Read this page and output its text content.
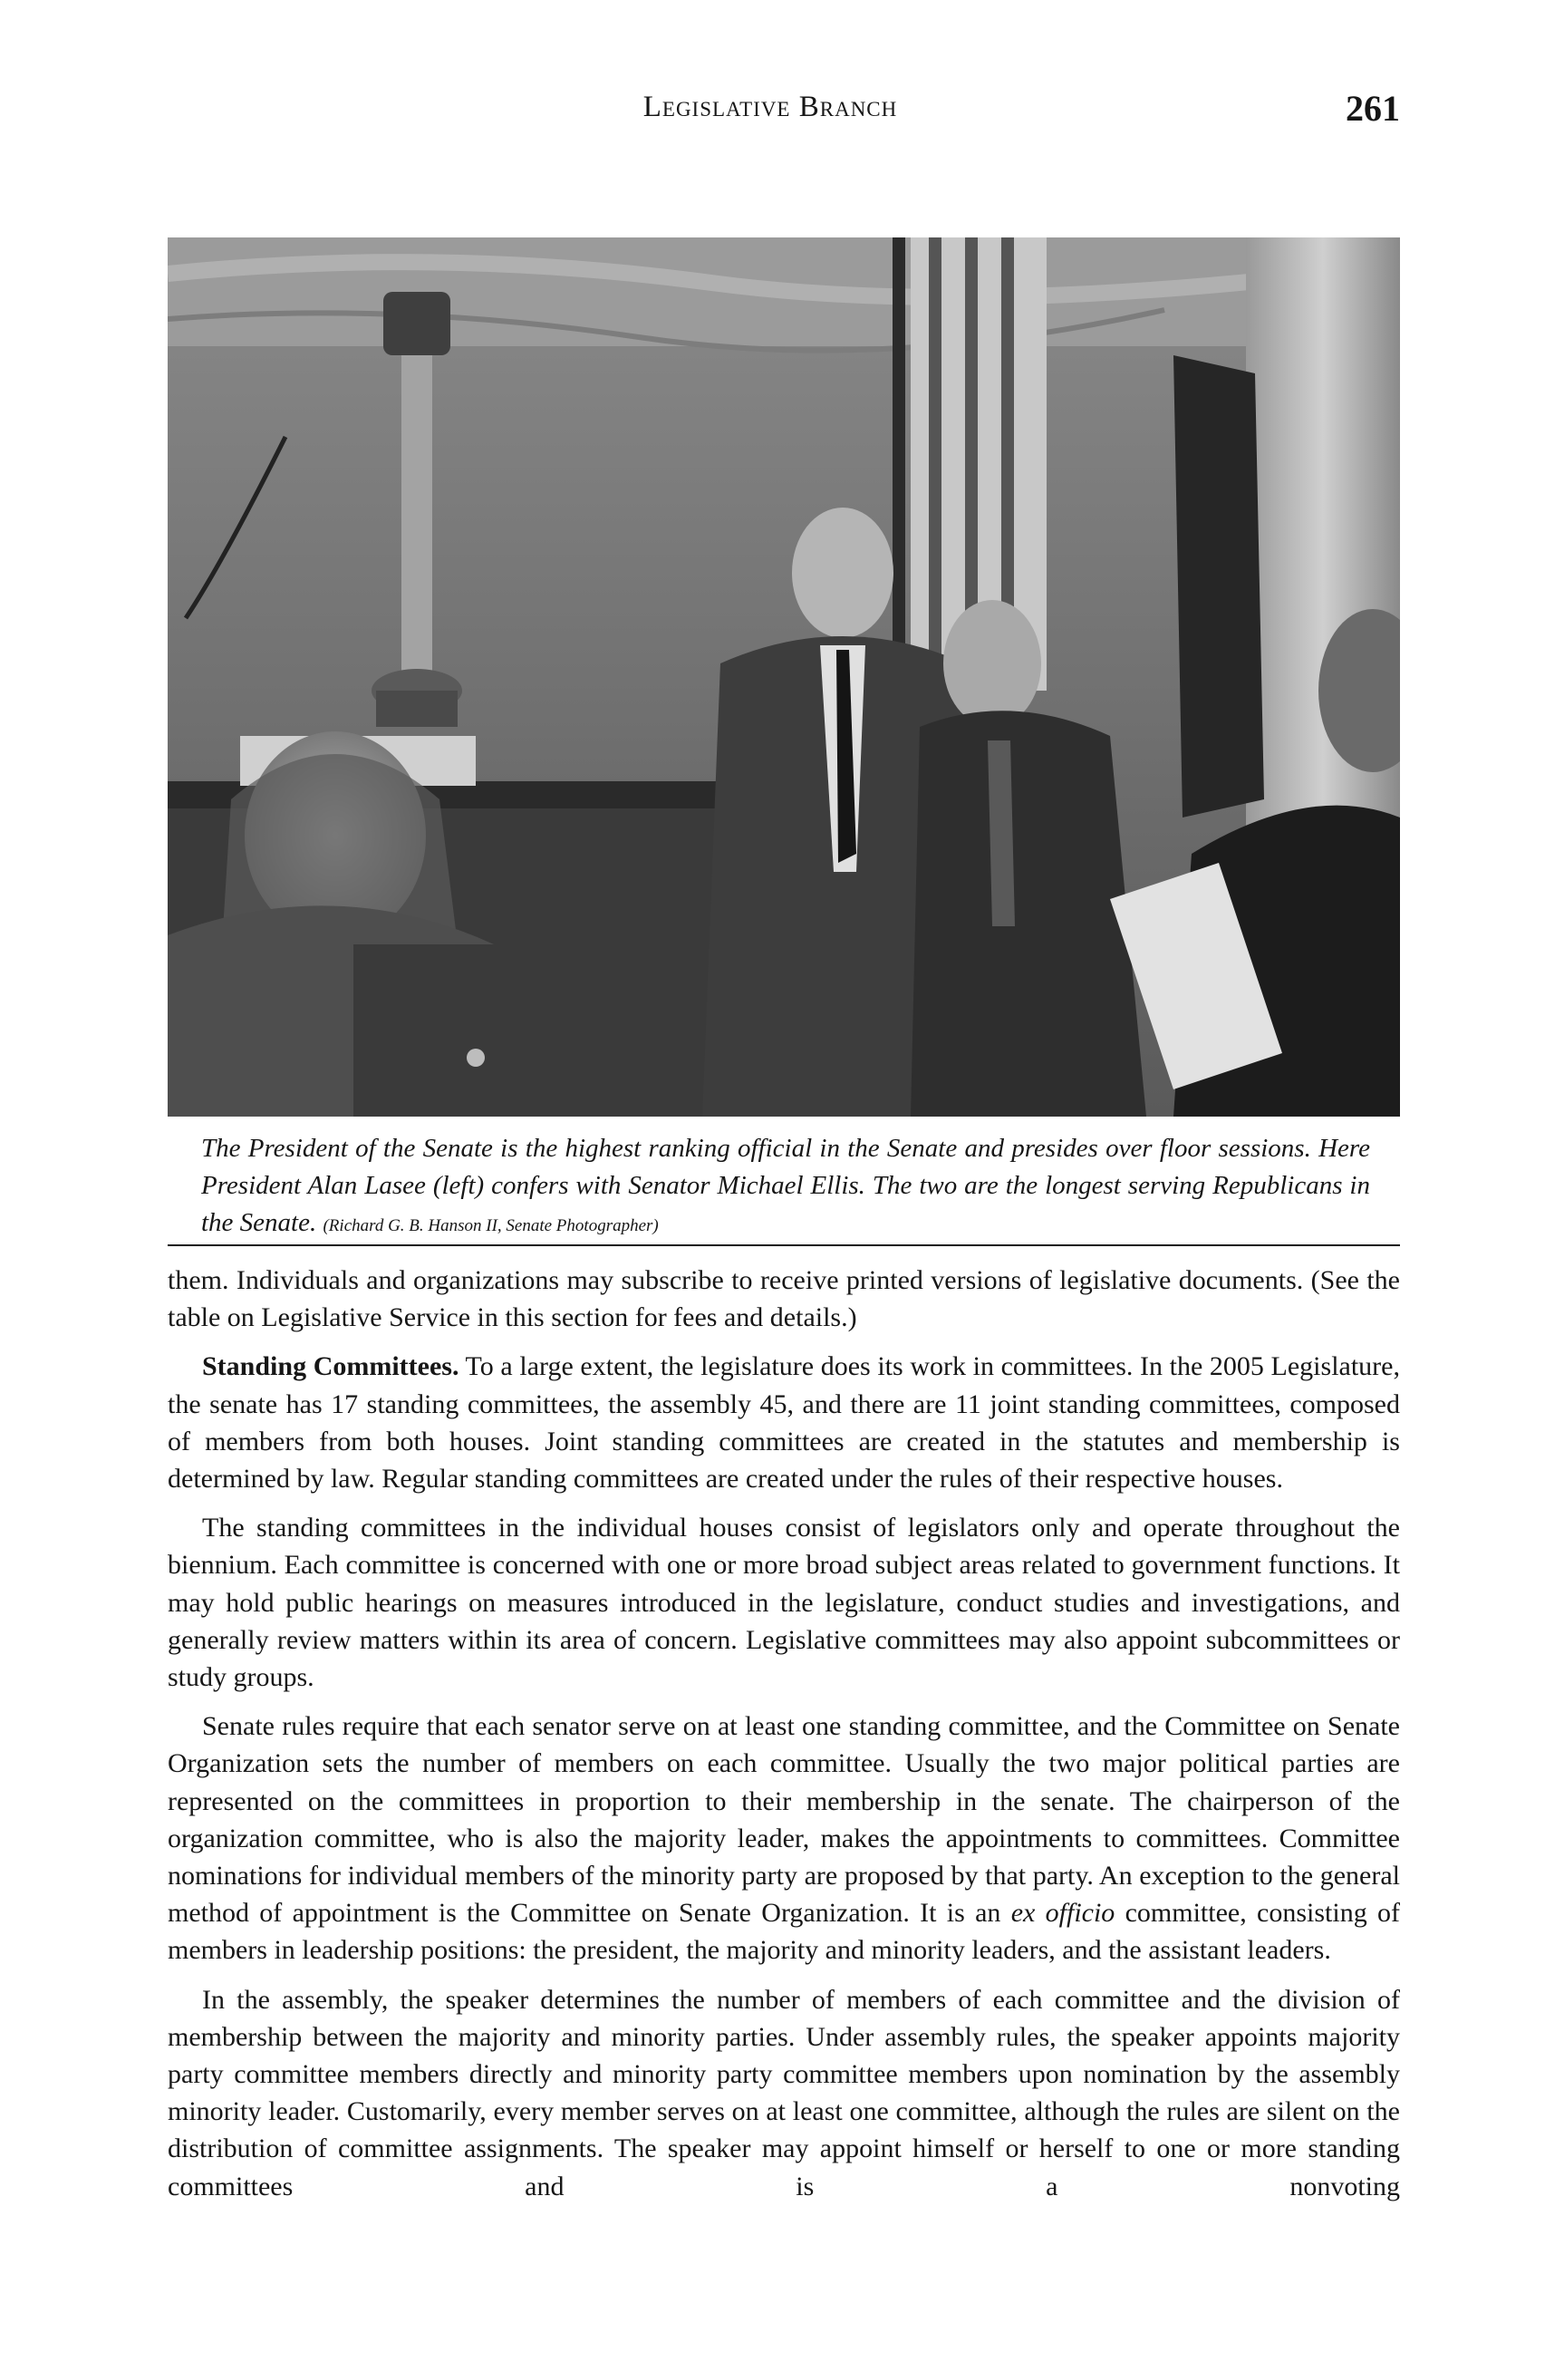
Legislative Branch	261
The President of the Senate is the highest ranking official in the Senate and presides over floor sessions. Here President Alan Lasee (left) confers with Senator Michael Ellis. The two are the longest serving Republicans in the Senate. (Richard G. B. Hanson II, Senate Photographer)

them. Individuals and organizations may subscribe to receive printed versions of legislative documents. (See the table on Legislative Service in this section for fees and details.)

Standing Committees. To a large extent, the legislature does its work in committees. In the 2005 Legislature, the senate has 17 standing committees, the assembly 45, and there are 11 joint standing committees, composed of members from both houses. Joint standing committees are created in the statutes and membership is determined by law. Regular standing committees are created under the rules of their respective houses.

The standing committees in the individual houses consist of legislators only and operate throughout the biennium. Each committee is concerned with one or more broad subject areas related to government functions. It may hold public hearings on measures introduced in the legislature, conduct studies and investigations, and generally review matters within its area of concern. Legislative committees may also appoint subcommittees or study groups.

Senate rules require that each senator serve on at least one standing committee, and the Committee on Senate Organization sets the number of members on each committee. Usually the two major political parties are represented on the committees in proportion to their membership in the senate. The chairperson of the organization committee, who is also the majority leader, makes the appointments to committees. Committee nominations for individual members of the minority party are proposed by that party. An exception to the general method of appointment is the Committee on Senate Organization. It is an ex officio committee, consisting of members in leadership positions: the president, the majority and minority leaders, and the assistant leaders.

In the assembly, the speaker determines the number of members of each committee and the division of membership between the majority and minority parties. Under assembly rules, the speaker appoints majority party committee members directly and minority party committee members upon nomination by the assembly minority leader. Customarily, every member serves on at least one committee, although the rules are silent on the distribution of committee assignments. The speaker may appoint himself or herself to one or more standing committees and is a nonvoting
